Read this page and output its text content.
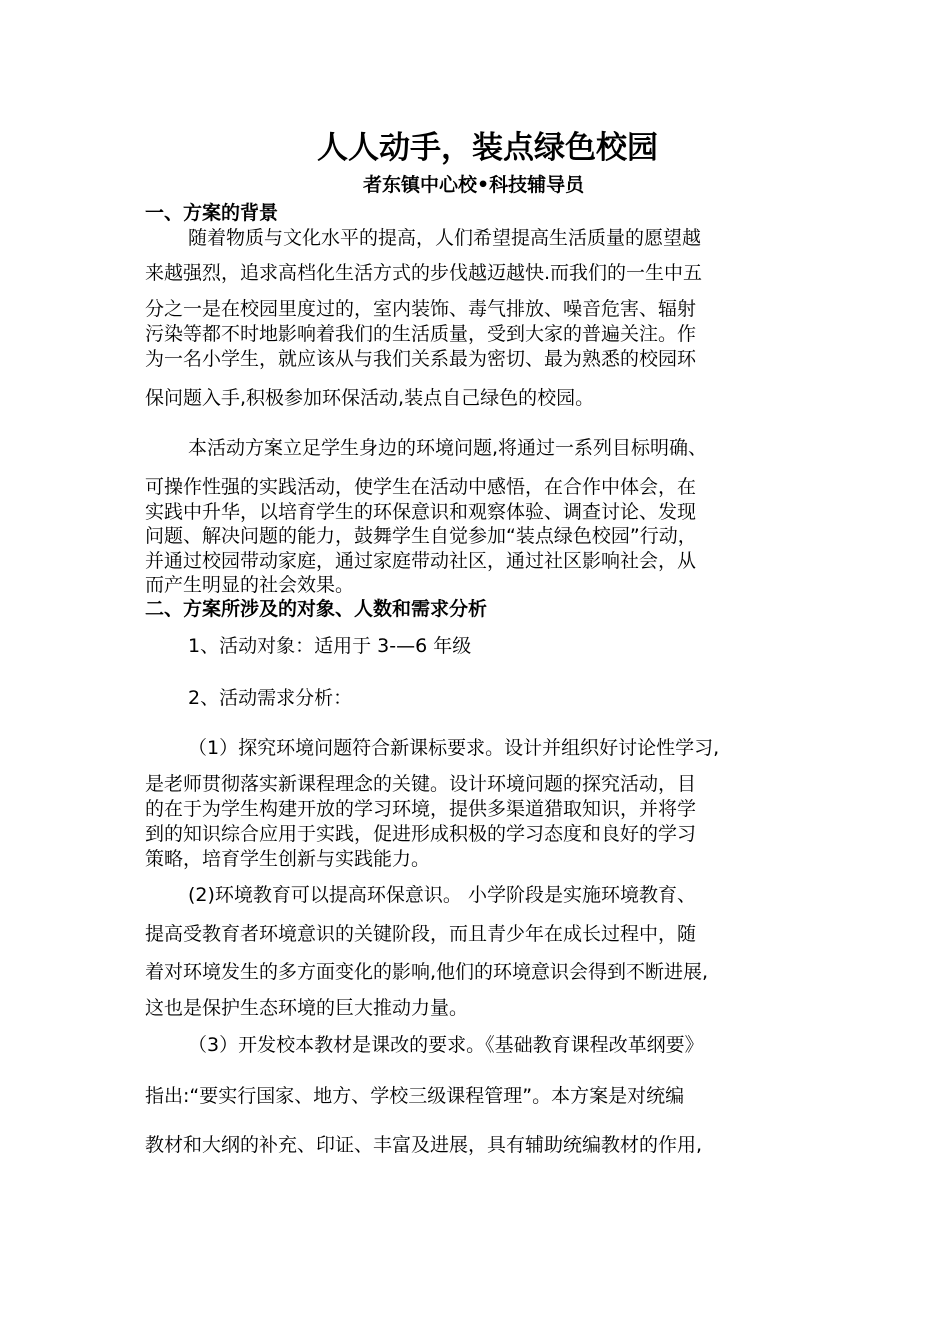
人人动手，装点绿色校园
者东镇中心校•科技辅导员
一、方案的背景
随着物质与文化水平的提高，人们希望提高生活质量的愿望越
来越强烈，追求高档化生活方式的步伐越迈越快.而我们的一生中五
分之一是在校园里度过的，室内装饰、毒气排放、噪音危害、辐射
污染等都不时地影响着我们的生活质量，受到大家的普遍关注。作
为一名小学生，就应该从与我们关系最为密切、最为熟悉的校园环
保问题入手,积极参加环保活动,装点自己绿色的校园。
本活动方案立足学生身边的环境问题,将通过一系列目标明确、
可操作性强的实践活动，使学生在活动中感悟，在合作中体会，在
实践中升华，以培育学生的环保意识和观察体验、调查讨论、发现
问题、解决问题的能力，鼓舞学生自觉参加“装点绿色校园”行动，
并通过校园带动家庭，通过家庭带动社区，通过社区影响社会，从
而产生明显的社会效果。
二、方案所涉及的对象、人数和需求分析
1、活动对象：适用于 3-—6 年级
2、活动需求分析：
（1）探究环境问题符合新课标要求。设计并组织好讨论性学习,
是老师贯彻落实新课程理念的关键。设计环境问题的探究活动，目
的在于为学生构建开放的学习环境，提供多渠道猎取知识，并将学
到的知识综合应用于实践，促进形成积极的学习态度和良好的学习
策略，培育学生创新与实践能力。
(2)环境教育可以提高环保意识。 小学阶段是实施环境教育、
提高受教育者环境意识的关键阶段，而且青少年在成长过程中，随
着对环境发生的多方面变化的影响,他们的环境意识会得到不断进展,
这也是保护生态环境的巨大推动力量。
（3）开发校本教材是课改的要求。《基础教育课程改革纲要》
指出:“要实行国家、地方、学校三级课程管理”。本方案是对统编
教材和大纲的补充、印证、丰富及进展，具有辅助统编教材的作用,
